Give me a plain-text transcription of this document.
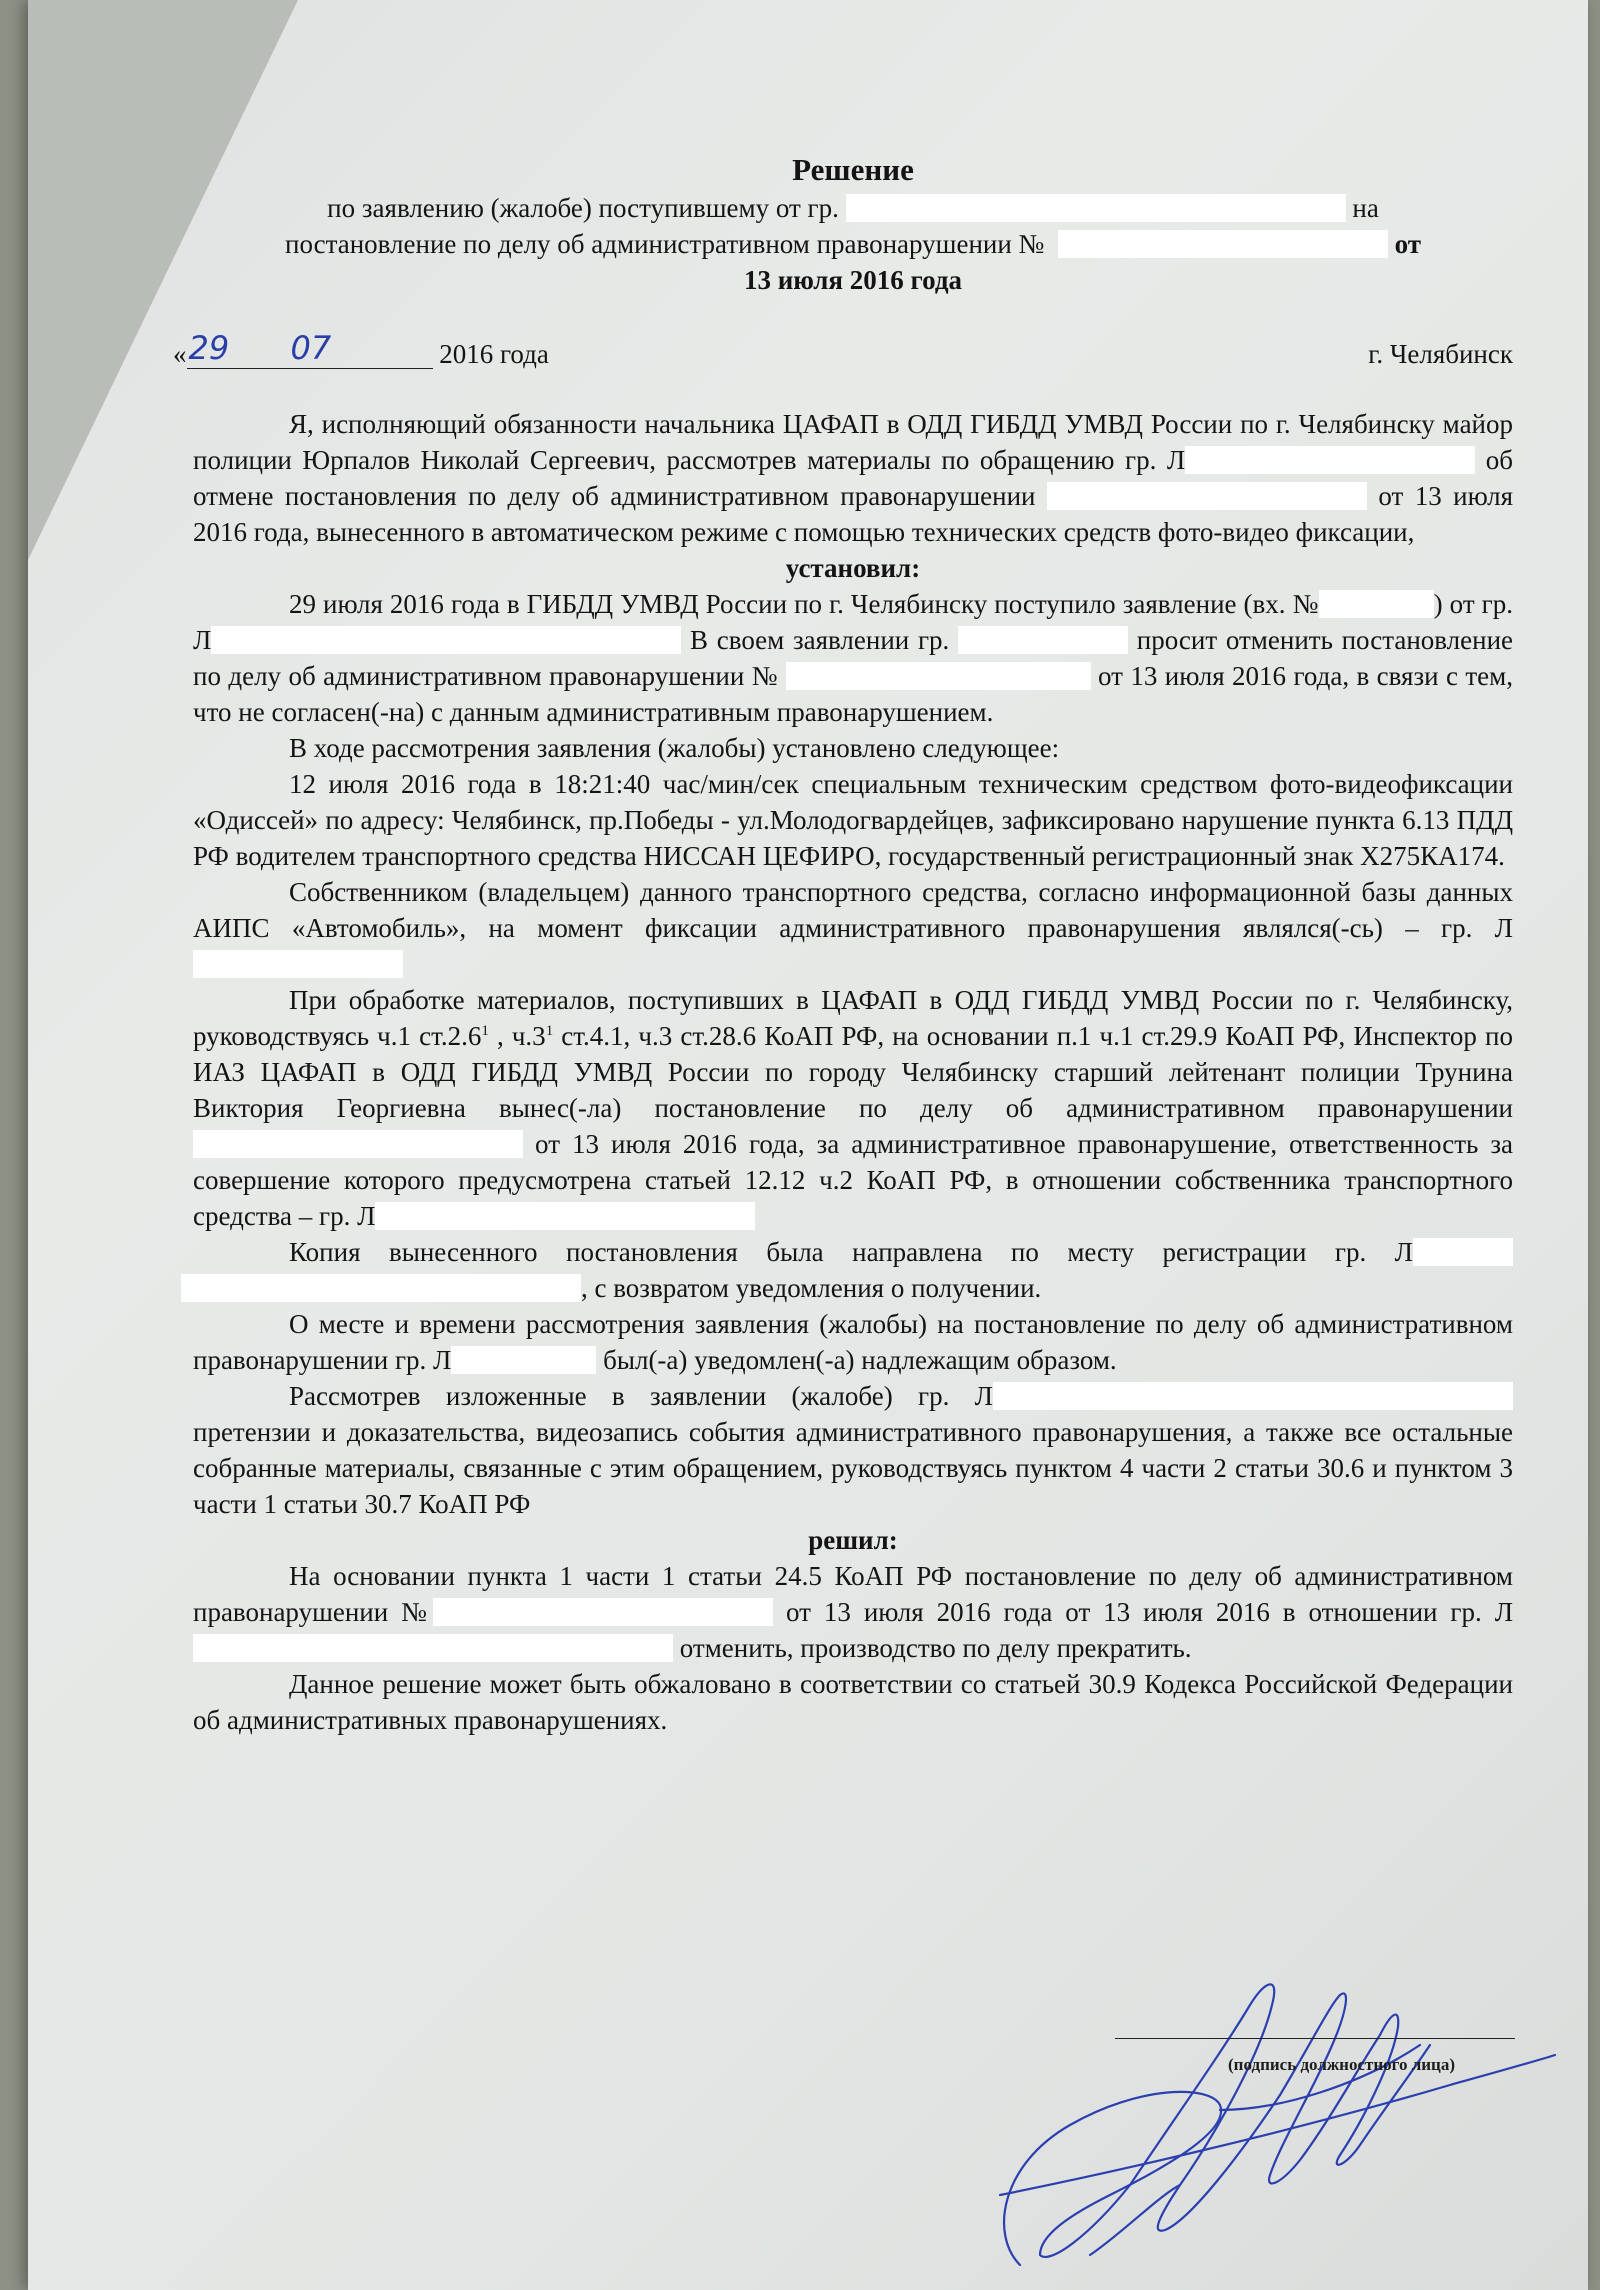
Решение

по заявлению (жалобе) поступившему от гр.	на

постановление по делу об административном правонарушении №	от

13 июля 2016 года

« 29 07	2016 года	г. Челябинск

Я, исполняющий обязанности начальника ЦАФАП в ОДД ГИБДД УМВД России по г. Челябинску майор полиции Юрпалов Николай Сергеевич, рассмотрев материалы по обращению гр. Л	об отмене постановления по делу об административном правонарушении	от 13 июля 2016 года, вынесенного в автоматическом режиме с помощью технических средств фото-видео фиксации,

установил:

29 июля 2016 года в ГИБДД УМВД России по г. Челябинску поступило заявление (вх. №	) от гр. Л	В своем заявлении гр.	просит отменить постановление по делу об административном правонарушении №	от 13 июля 2016 года, в связи с тем, что не согласен(-на) с данным административным правонарушением.

В ходе рассмотрения заявления (жалобы) установлено следующее:

12 июля 2016 года в 18:21:40 час/мин/сек специальным техническим средством фото-видеофиксации «Одиссей» по адресу: Челябинск, пр.Победы - ул.Молодогвардейцев, зафиксировано нарушение пункта 6.13 ПДД РФ водителем транспортного средства НИССАН ЦЕФИРО, государственный регистрационный знак Х275КА174.

Собственником (владельцем) данного транспортного средства, согласно информационной базы данных АИПС «Автомобиль», на момент фиксации административного правонарушения являлся(-сь) – гр. Л

При обработке материалов, поступивших в ЦАФАП в ОДД ГИБДД УМВД России по г. Челябинску, руководствуясь ч.1 ст.2.6$^1$ , $ч.3^1$ ст.4.1, ч.3 ст.28.6 КоАП РФ, на основании п.1 ч.1 ст.29.9 КоАП РФ, Инспектор по ИАЗ ЦАФАП в ОДД ГИБДД УМВД России по городу Челябинску старший лейтенант полиции Трунина Виктория Георгиевна вынес(-ла) постановление по делу об административном правонарушении  от 13 июля 2016 года, за административное правонарушение, ответственность за совершение которого предусмотрена статьей 12.12 ч.2 КоАП РФ, в отношении собственника транспортного средства – гр. Л

Копия вынесенного постановления была направлена по месту регистрации гр. Л , с возвратом уведомления о получении.

О месте и времени рассмотрения заявления (жалобы) на постановление по делу об административном правонарушении гр. Л	был(-а) уведомлен(-а) надлежащим образом.

Рассмотрев изложенные в заявлении (жалобе) гр. Л претензии и доказательства, видеозапись события административного правонарушения, а также все остальные собранные материалы, связанные с этим обращением, руководствуясь пунктом 4 части 2 статьи 30.6 и пунктом 3 части 1 статьи 30.7 КоАП РФ

решил:

На основании пункта 1 части 1 статьи 24.5 КоАП РФ постановление по делу об административном правонарушении №	от 13 июля 2016 года от 13 июля 2016 в отношении гр. Л отменить, производство по делу прекратить.

Данное решение может быть обжаловано в соответствии со статьей 30.9 Кодекса Российской Федерации об административных правонарушениях.

(подпись должностного лица)
